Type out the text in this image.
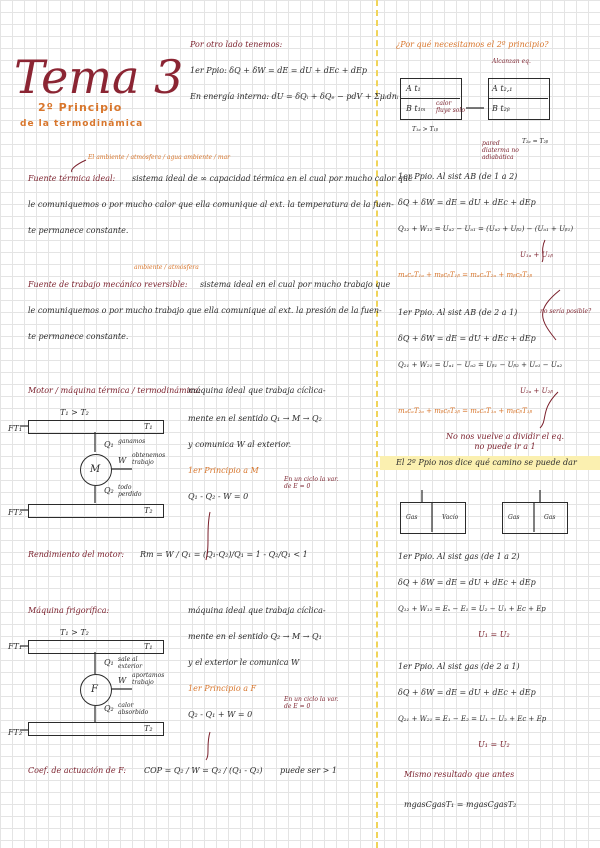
Tema 3
2º Principio
de la termodinámica
Por otro lado tenemos:
1er Ppio: δQ + δW = dE = dU + dEc + dEp
En energía interna: dU = δQᵢ + δQₑ − pdV + Σμᵢdnᵢ
El ambiente / atmósfera / agua ambiente / mar
Fuente térmica ideal: sistema ideal de ∞ capacidad térmica en el cual por mucho calor que
le comuniquemos o por mucho calor que ella comunique al ext. la temperatura de la fuen-
te permanece constante.
ambiente / atmósfera
Fuente de trabajo mecánico reversible: sistema ideal en el cual por mucho trabajo que
le comuniquemos o por mucho trabajo que ella comunique al ext. la presión de la fuen-
te permanece constante.
Motor / máquina térmica / termodinámica:
máquina ideal que trabaja cíclica-
mente en el sentido Q₁ → M → Q₂
y comunica W al exterior.
1er Principio a M
Q₁ - Q₂ - W = 0
En un ciclo la var. de E = 0
FT₁
T₁ > T₂
T₁
Q₁ ganamos
M
W
obtenemos trabajo
Q₂ todo perdido
FT₂	T₂
Rendimiento del motor: Rm = W / Q₁ = (Q₁-Q₂)/Q₁ = 1 - Q₂/Q₁ < 1
Máquina frigorífica:	máquina ideal que trabaja cíclica-
mente en el sentido Q₂ → M → Q₁
y el exterior le comunica W
1er Principio a F
Q₂ - Q₁ + W = 0
En un ciclo la var. de E = 0
FT₁
T₁ > T₂
T₁
Q₁ sale al exterior
F
W
aportamos trabajo
Q₂ calor absorbido
FT₂	T₂
Coef. de actuación de F: COP = Q₂ / W = Q₂ / (Q₁ - Q₂) puede ser > 1
¿Por qué necesitamos el 2º principio?
Alcanzan eq.
A t₁
B t₁ₘ
A t₂,₁
B t₂ᵦ
calor fluye solo
T₁ₐ > T₁ᵦ
T₂ₐ = T₂ᵦ
pared diaterma no adiabática
1er Ppio. Al sist AB (de 1 a 2)
δQ + δW = dE = dU + dEc + dEp
Q₁₂ + W₁₂ = Uₐ₂ − Uₐ₁ = (Uₐ₂ + Uᵦ₂) − (Uₐ₁ + Uᵦ₁)
U₁ₐ + U₁ᵦ
mₐcₐT₁ₐ + mᵦcᵦT₁ᵦ = mₐcₐT₂ₐ + mᵦcᵦT₂ᵦ
1er Ppio. Al sist AB (de 2 a 1)	no sería posible?
δQ + δW = dE = dU + dEc + dEp
Q₂₁ + W₂₁ = Uₐ₁ − Uₐ₂ = Uᵦ₁ − Uᵦ₂ + Uₐ₁ − Uₐ₂
U₂ₐ + U₂ᵦ
mₐcₐT₂ₐ + mᵦcᵦT₂ᵦ = mₐcₐT₁ₐ + mᵦcᵦT₁ᵦ
No nos vuelve a dividir el eq. no puede ir a 1
El 2º Ppio nos dice qué camino se puede dar
Gas	Vacío	Gas	Gas
1er Ppio. Al sist gas (de 1 a 2)
δQ + δW = dE = dU + dEc + dEp
Q₁₂ + W₁₂ = Eₛ − E₁ = U₂ − U₁ + Ec + Ep
U₁ = U₂
1er Ppio. Al sist gas (de 2 a 1)
δQ + δW = dE = dU + dEc + dEp
Q₂₁ + W₂₁ = E₁ − E₂ = U₁ − U₂ + Ec + Ep
U₁ = U₂
Mismo resultado que antes
mgasCgasT₁ = mgasCgasT₂
